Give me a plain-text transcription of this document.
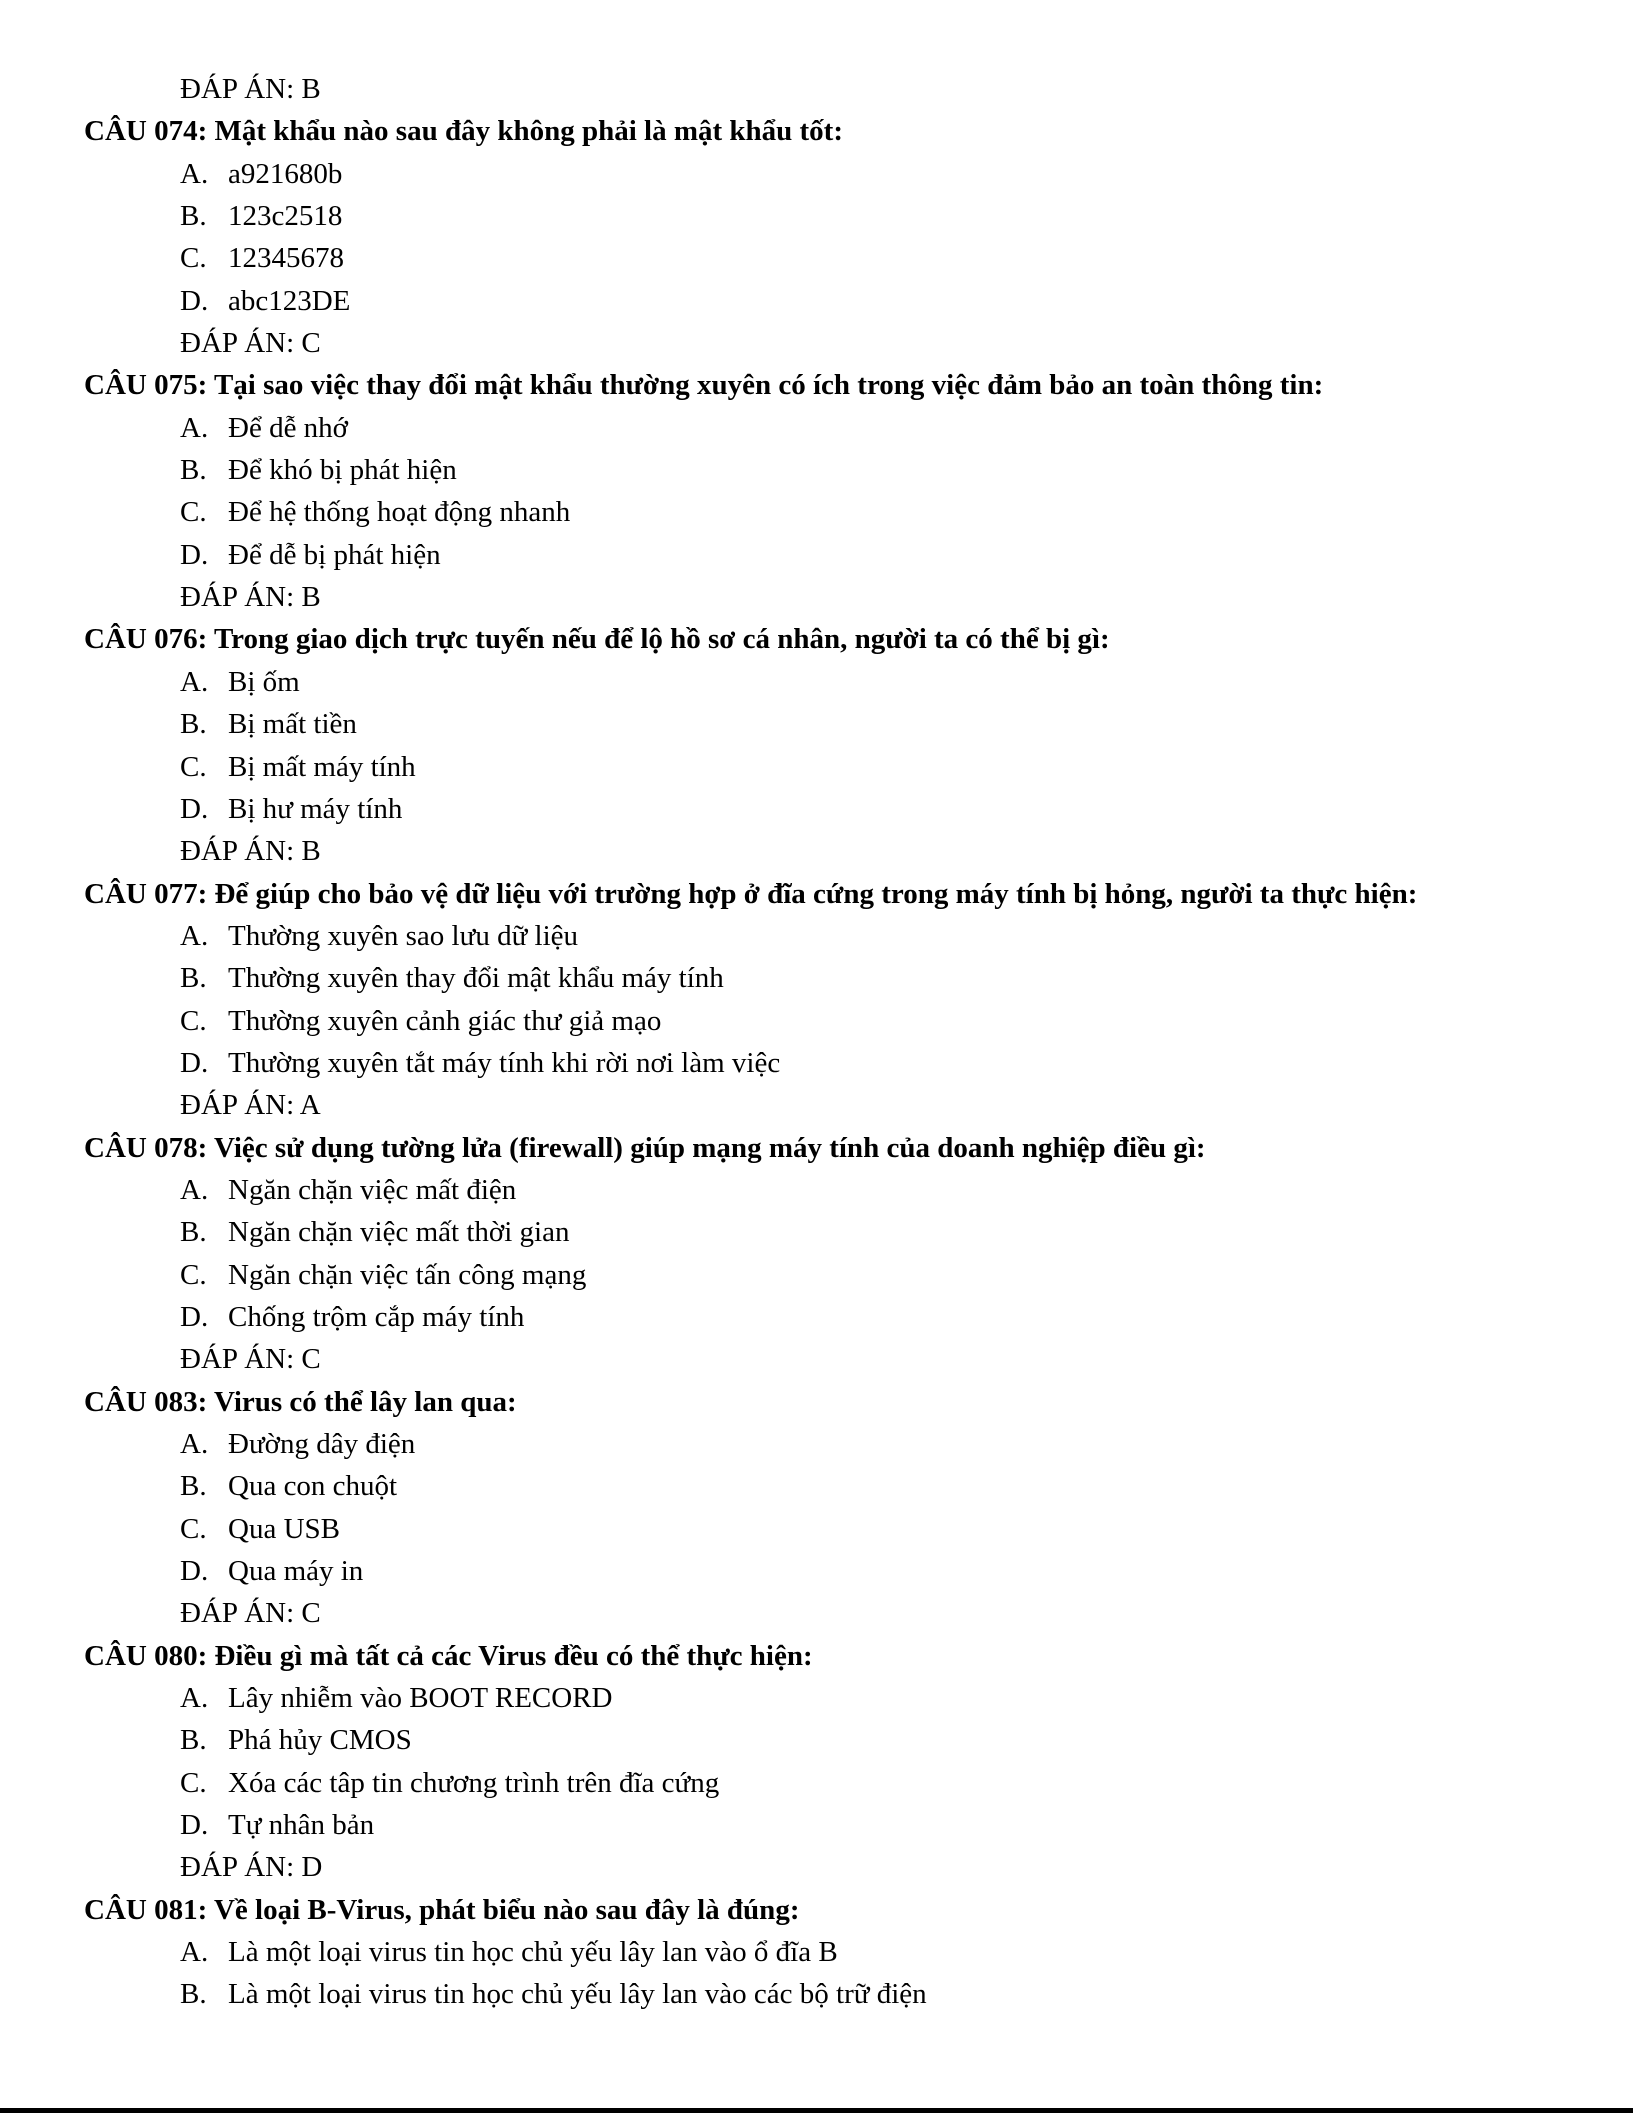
ĐÁP ÁN: B
CÂU 074: Mật khẩu nào sau đây không phải là mật khẩu tốt:
A. a921680b
B. 123c2518
C. 12345678
D. abc123DE
ĐÁP ÁN: C
CÂU 075: Tại sao việc thay đổi mật khẩu thường xuyên có ích trong việc đảm bảo an toàn thông tin:
A. Để dễ nhớ
B. Để khó bị phát hiện
C. Để hệ thống hoạt động nhanh
D. Để dễ bị phát hiện
ĐÁP ÁN: B
CÂU 076: Trong giao dịch trực tuyến nếu để lộ hồ sơ cá nhân, người ta có thể bị gì:
A. Bị ốm
B. Bị mất tiền
C. Bị mất máy tính
D. Bị hư máy tính
ĐÁP ÁN: B
CÂU 077: Để giúp cho bảo vệ dữ liệu với trường hợp ở đĩa cứng trong máy tính bị hỏng, người ta thực hiện:
A. Thường xuyên sao lưu dữ liệu
B. Thường xuyên thay đổi mật khẩu máy tính
C. Thường xuyên cảnh giác thư giả mạo
D. Thường xuyên tắt máy tính khi rời nơi làm việc
ĐÁP ÁN: A
CÂU 078: Việc sử dụng tường lửa (firewall) giúp mạng máy tính của doanh nghiệp điều gì:
A. Ngăn chặn việc mất điện
B. Ngăn chặn việc mất thời gian
C. Ngăn chặn việc tấn công mạng
D. Chống trộm cắp máy tính
ĐÁP ÁN: C
CÂU 083: Virus có thể lây lan qua:
A. Đường dây điện
B. Qua con chuột
C. Qua USB
D. Qua máy in
ĐÁP ÁN: C
CÂU 080: Điều gì mà tất cả các Virus đều có thể thực hiện:
A. Lây nhiễm vào BOOT RECORD
B. Phá hủy CMOS
C. Xóa các tâp tin chương trình trên đĩa cứng
D. Tự nhân bản
ĐÁP ÁN: D
CÂU 081: Về loại B-Virus, phát biểu nào sau đây là đúng:
A. Là một loại virus tin học chủ yếu lây lan vào ổ đĩa B
B. Là một loại virus tin học chủ yếu lây lan vào các bộ trữ điện
